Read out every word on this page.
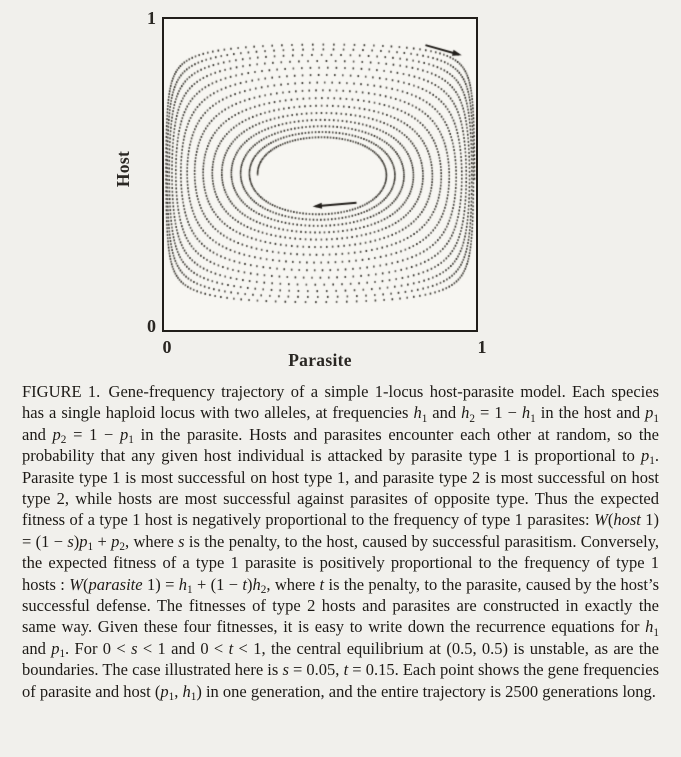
1
Host
0
0	1
Parasite

FIGURE 1. Gene-frequency trajectory of a simple 1-locus host-parasite model. Each species has a single haploid locus with two alleles, at frequencies $h_1$ and $h_2 = 1 - h_1$ in the host and $p_1$ and $p_2 = 1 - p_1$ in the parasite. Hosts and parasites encounter each other at random, so the probability that any given host individual is attacked by parasite type 1 is proportional to $p_1$. Parasite type 1 is most successful on host type 1, and parasite type 2 is most successful on host type 2, while hosts are most successful against parasites of opposite type. Thus the expected fitness of a type 1 host is negatively proportional to the frequency of type 1 parasites: W(host $1) = (1 - s)p_1 + p_2$, where s is the penalty, to the host, caused by successful parasitism. Conversely, the expected fitness of a type 1 parasite is positively proportional to the frequency of type 1 hosts : W(parasite $1) = h_1 + (1 - t)h_2$, where t is the penalty, to the parasite, caused by the host’s successful defense. The fitnesses of type 2 hosts and parasites are constructed in exactly the same way. Given these four fitnesses, it is easy to write down the recurrence equations for $h_1$ and $p_1$. For 0 < s < 1 and 0 < t < 1, the central equilibrium at (0.5, 0.5) is unstable, as are the boundaries. The case illustrated here is s = 0.05, t = 0.15. Each point shows the gene frequencies of parasite and host ($p_1$, $h_1$) in one generation, and the entire trajectory is 2500 generations long.
